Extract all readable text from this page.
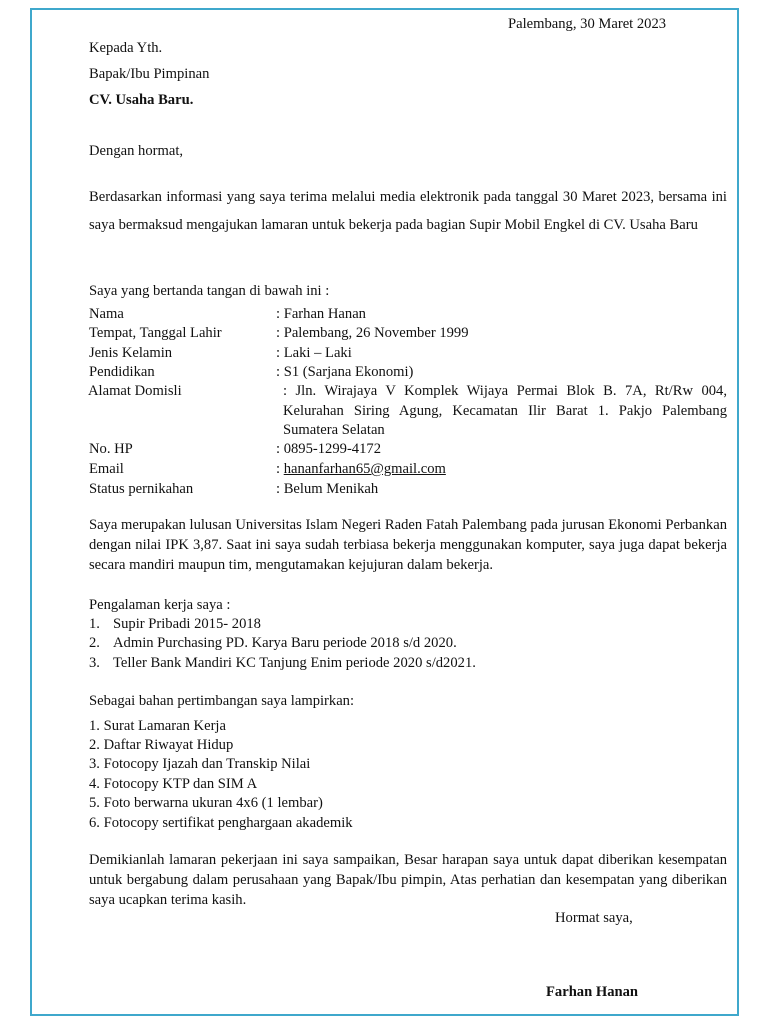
Palembang, 30 Maret 2023
Kepada Yth.
Bapak/Ibu Pimpinan
CV. Usaha Baru.
Dengan hormat,
Berdasarkan informasi yang saya terima melalui media elektronik pada tanggal 30 Maret 2023, bersama ini saya bermaksud mengajukan lamaran untuk bekerja pada bagian Supir Mobil Engkel di CV. Usaha Baru
Saya yang bertanda tangan di bawah ini :
Nama	: Farhan Hanan
Tempat, Tanggal Lahir	: Palembang, 26 November 1999
Jenis Kelamin	: Laki – Laki
Pendidikan	: S1 (Sarjana Ekonomi)
Alamat Domisli	: Jln. Wirajaya V Komplek Wijaya Permai Blok B. 7A, Rt/Rw 004, Kelurahan Siring Agung, Kecamatan Ilir Barat 1. Pakjo Palembang Sumatera Selatan
No. HP	: 0895-1299-4172
Email	: hananfarhan65@gmail.com
Status pernikahan	: Belum Menikah
Saya merupakan lulusan Universitas Islam Negeri Raden Fatah Palembang pada jurusan Ekonomi Perbankan dengan nilai IPK 3,87. Saat ini saya sudah terbiasa bekerja menggunakan komputer, saya juga dapat bekerja secara mandiri maupun tim, mengutamakan kejujuran dalam bekerja.
Pengalaman kerja saya :
1. Supir Pribadi 2015- 2018
2. Admin Purchasing PD. Karya Baru periode 2018 s/d 2020.
3. Teller Bank Mandiri KC Tanjung Enim periode 2020 s/d2021.
Sebagai bahan pertimbangan saya lampirkan:
1. Surat Lamaran Kerja
2. Daftar Riwayat Hidup
3. Fotocopy Ijazah dan Transkip Nilai
4. Fotocopy KTP dan SIM A
5. Foto berwarna ukuran 4x6 (1 lembar)
6. Fotocopy sertifikat penghargaan akademik
Demikianlah lamaran pekerjaan ini saya sampaikan, Besar harapan saya untuk dapat diberikan kesempatan untuk bergabung dalam perusahaan yang Bapak/Ibu pimpin, Atas perhatian dan kesempatan yang diberikan saya ucapkan terima kasih.
Hormat saya,
Farhan Hanan
